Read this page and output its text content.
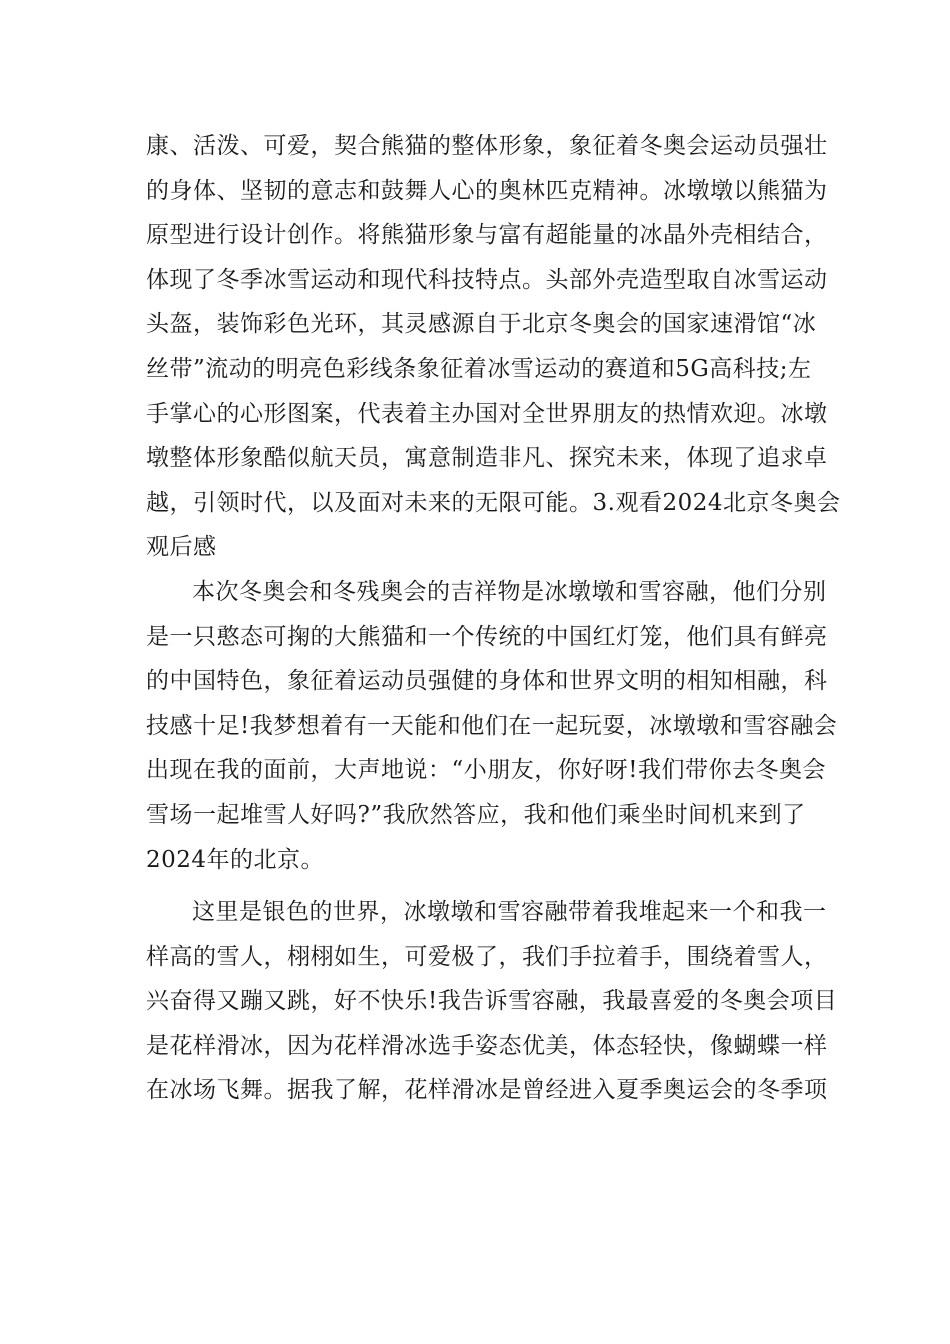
康、活泼、可爱，契合熊猫的整体形象，象征着冬奥会运动员强壮
的身体、坚韧的意志和鼓舞人心的奥林匹克精神。冰墩墩以熊猫为
原型进行设计创作。将熊猫形象与富有超能量的冰晶外壳相结合，
体现了冬季冰雪运动和现代科技特点。头部外壳造型取自冰雪运动
头盔，装饰彩色光环，其灵感源自于北京冬奥会的国家速滑馆“冰
丝带”流动的明亮色彩线条象征着冰雪运动的赛道和5G高科技;左
手掌心的心形图案，代表着主办国对全世界朋友的热情欢迎。冰墩
墩整体形象酷似航天员，寓意制造非凡、探究未来，体现了追求卓
越，引领时代，以及面对未来的无限可能。3.观看2024北京冬奥会
观后感

本次冬奥会和冬残奥会的吉祥物是冰墩墩和雪容融，他们分别
是一只憨态可掬的大熊猫和一个传统的中国红灯笼，他们具有鲜亮
的中国特色，象征着运动员强健的身体和世界文明的相知相融，科
技感十足!我梦想着有一天能和他们在一起玩耍，冰墩墩和雪容融会
出现在我的面前，大声地说：“小朋友，你好呀!我们带你去冬奥会
雪场一起堆雪人好吗?”我欣然答应，我和他们乘坐时间机来到了
2024年的北京。

这里是银色的世界，冰墩墩和雪容融带着我堆起来一个和我一
样高的雪人，栩栩如生，可爱极了，我们手拉着手，围绕着雪人，
兴奋得又蹦又跳，好不快乐!我告诉雪容融，我最喜爱的冬奥会项目
是花样滑冰，因为花样滑冰选手姿态优美，体态轻快，像蝴蝶一样
在冰场飞舞。据我了解，花样滑冰是曾经进入夏季奥运会的冬季项
